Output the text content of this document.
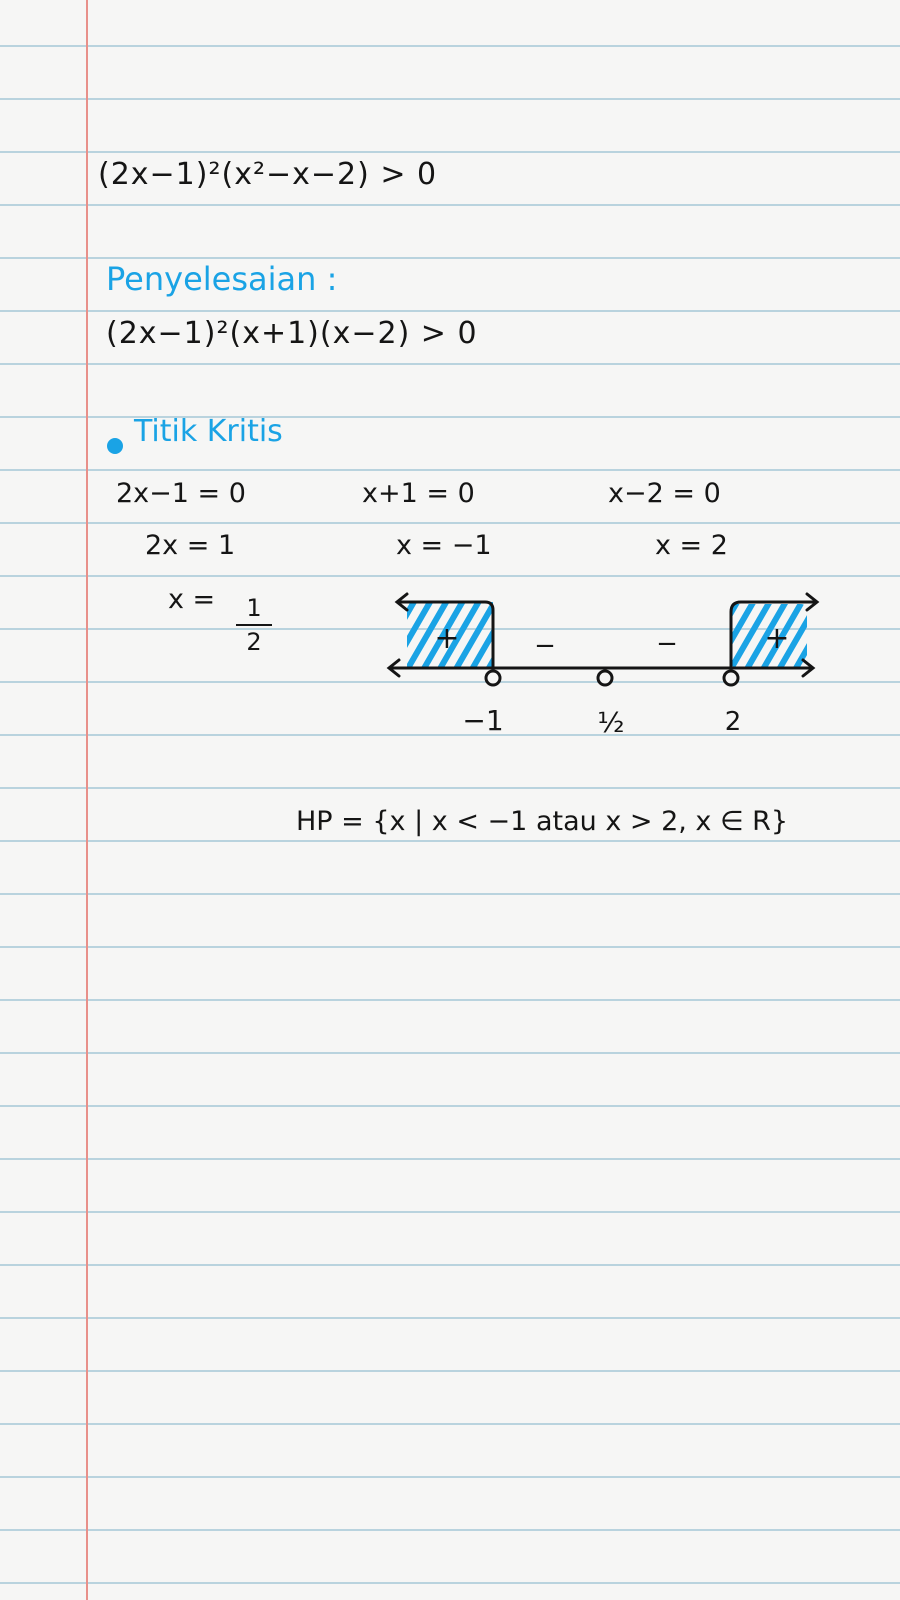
(2x−1)²(x²−x−2) > 0
Penyelesaian :
(2x−1)²(x+1)(x−2) > 0
Titik Kritis
2x−1 = 0
2x = 1
x =	1
2
x+1 = 0
x = −1
x−2 = 0
x = 2
+	−	−	+
−1	½	2
HP = {x | x < −1 atau x > 2, x ∈ R}
